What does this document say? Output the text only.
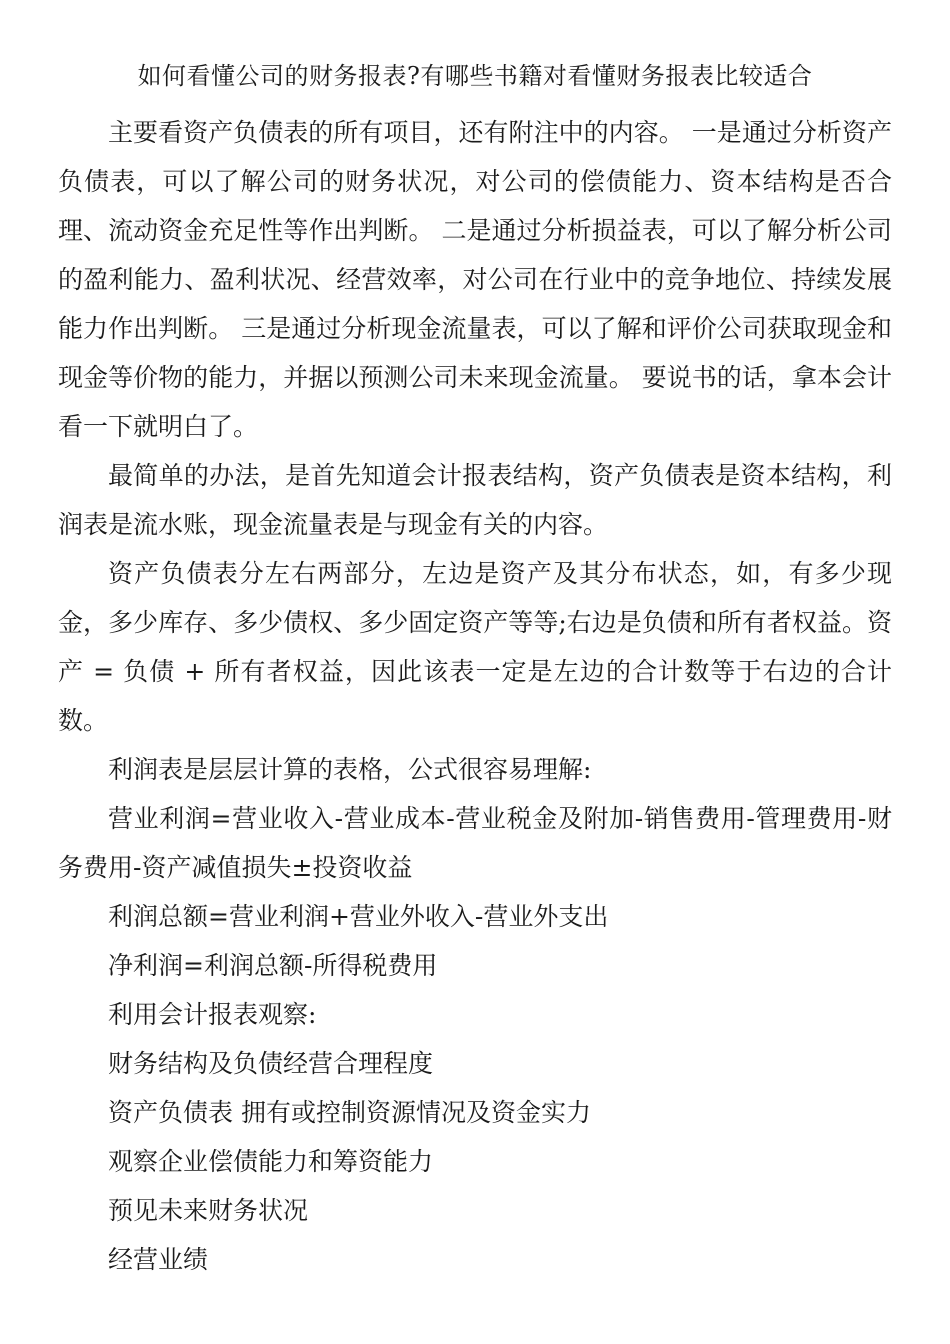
如何看懂公司的财务报表?有哪些书籍对看懂财务报表比较适合

主要看资产负债表的所有项目，还有附注中的内容。 一是通过分析资产负债表，可以了解公司的财务状况，对公司的偿债能力、资本结构是否合理、流动资金充足性等作出判断。 二是通过分析损益表，可以了解分析公司的盈利能力、盈利状况、经营效率，对公司在行业中的竞争地位、持续发展能力作出判断。 三是通过分析现金流量表，可以了解和评价公司获取现金和现金等价物的能力，并据以预测公司未来现金流量。 要说书的话，拿本会计看一下就明白了。

最简单的办法，是首先知道会计报表结构，资产负债表是资本结构，利润表是流水账，现金流量表是与现金有关的内容。

资产负债表分左右两部分，左边是资产及其分布状态，如，有多少现金，多少库存、多少债权、多少固定资产等等;右边是负债和所有者权益。资产 = 负债 + 所有者权益，因此该表一定是左边的合计数等于右边的合计数。

利润表是层层计算的表格，公式很容易理解:

营业利润=营业收入-营业成本-营业税金及附加-销售费用-管理费用-财务费用-资产减值损失±投资收益

利润总额=营业利润+营业外收入-营业外支出

净利润=利润总额-所得税费用

利用会计报表观察:

财务结构及负债经营合理程度

资产负债表 拥有或控制资源情况及资金实力

观察企业偿债能力和筹资能力

预见未来财务状况

经营业绩
